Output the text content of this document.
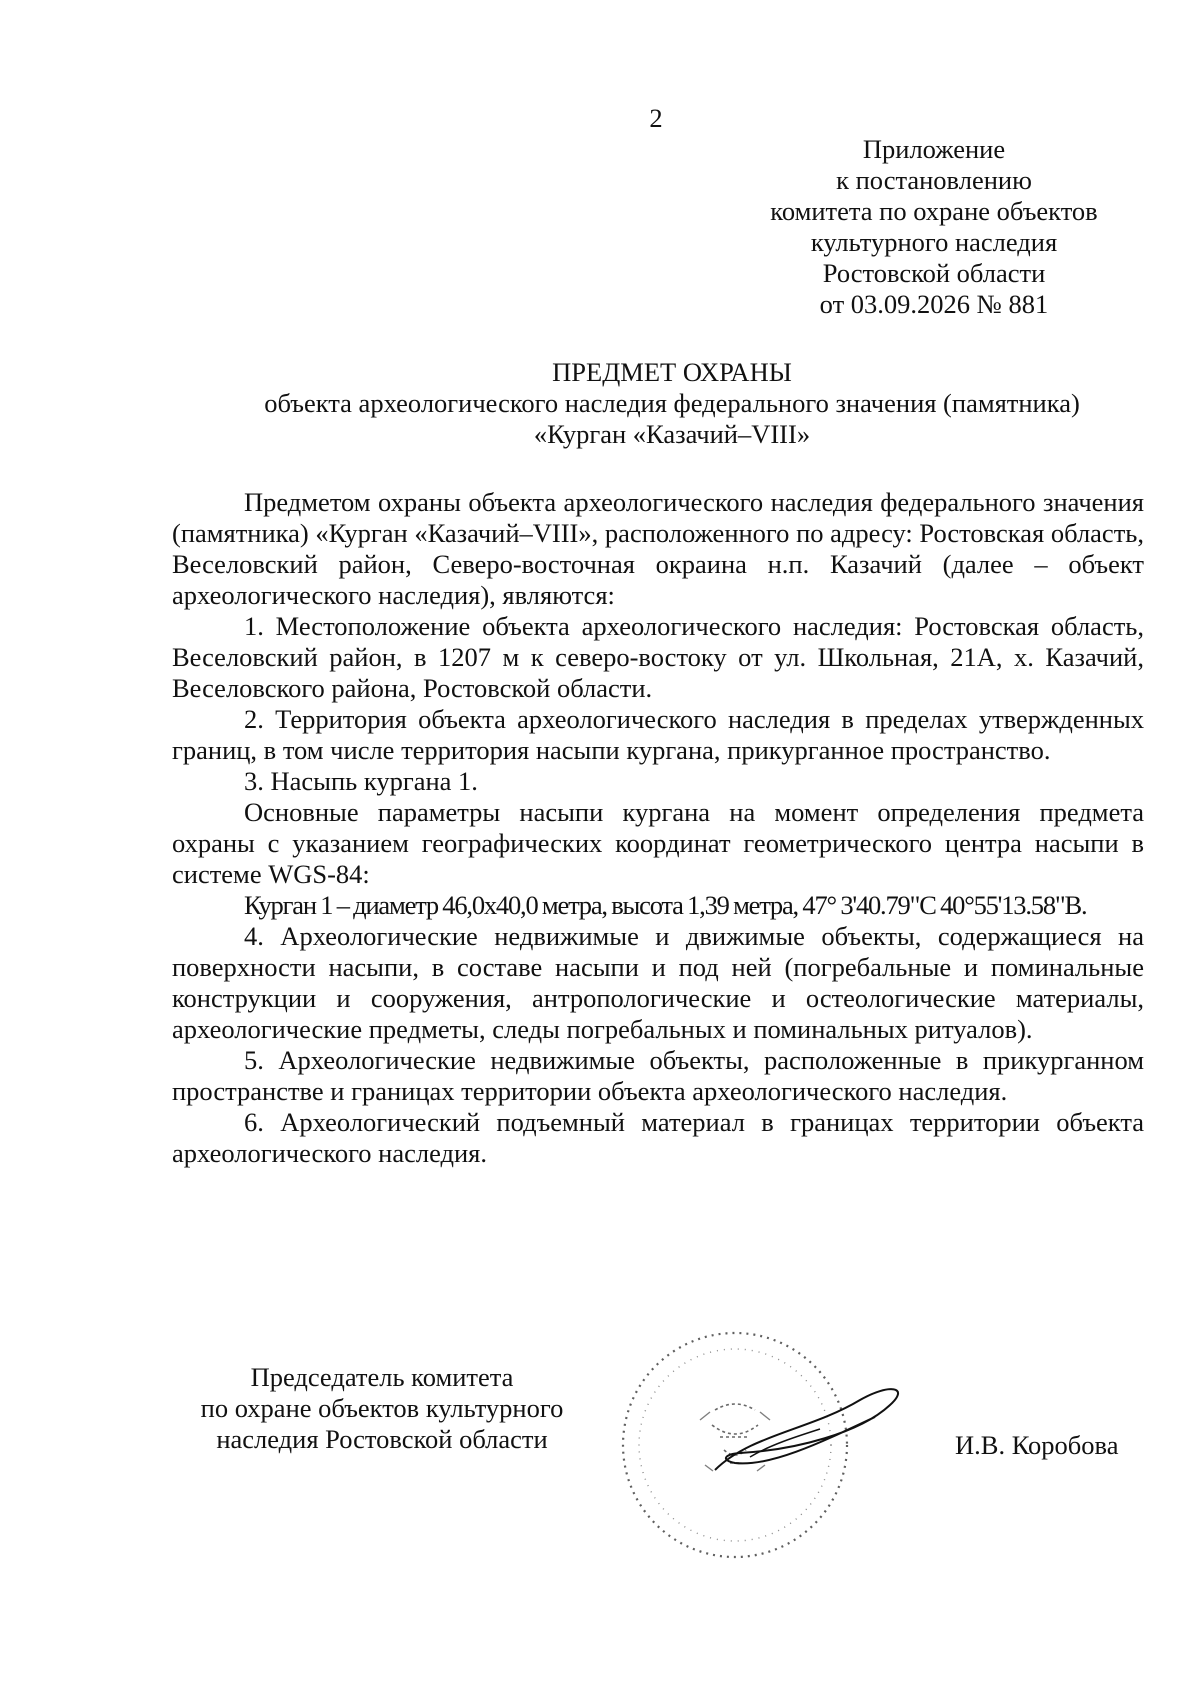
2
Приложение
к постановлению
комитета по охране объектов
культурного наследия
Ростовской области
от 03.09.2026 № 881
ПРЕДМЕТ ОХРАНЫ
объекта археологического наследия федерального значения (памятника)
«Курган «Казачий–VIII»

Предметом охраны объекта археологического наследия федерального значения (памятника) «Курган «Казачий–VIII», расположенного по адресу: Ростовская область, Веселовский район, Северо-восточная окраина н.п. Казачий (далее – объект археологического наследия), являются:

1. Местоположение объекта археологического наследия: Ростовская область, Веселовский район, в 1207 м к северо-востоку от ул. Школьная, 21А, х. Казачий, Веселовского района, Ростовской области.

2. Территория объекта археологического наследия в пределах утвержденных границ, в том числе территория насыпи кургана, прикурганное пространство.

3. Насыпь кургана 1.

Основные параметры насыпи кургана на момент определения предмета охраны с указанием географических координат геометрического центра насыпи в системе WGS-84:

Курган 1 – диаметр 46,0х40,0 метра, высота 1,39 метра, 47° 3'40.79"С 40°55'13.58"В.

4. Археологические недвижимые и движимые объекты, содержащиеся на поверхности насыпи, в составе насыпи и под ней (погребальные и поминальные конструкции и сооружения, антропологические и остеологические материалы, археологические предметы, следы погребальных и поминальных ритуалов).

5. Археологические недвижимые объекты, расположенные в прикурганном пространстве и границах территории объекта археологического наследия.

6. Археологический подъемный материал в границах территории объекта археологического наследия.

Председатель комитета
по охране объектов культурного
наследия Ростовской области	И.В. Коробова
